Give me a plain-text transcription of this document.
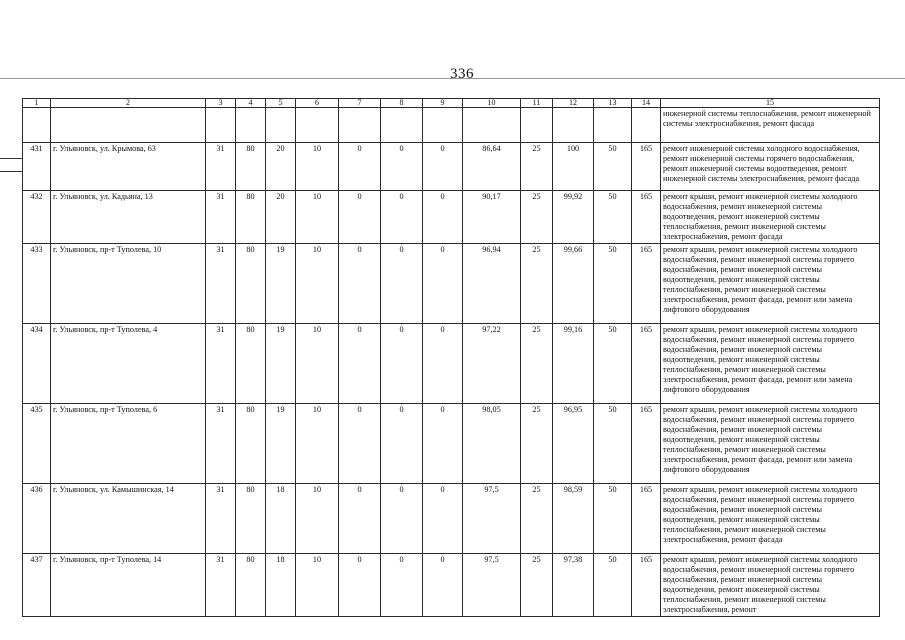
336
1	2	3	4	5	6	7	8	9	10	11	12	13	14	15
														инженерной системы теплоснабжения, ремонт инженерной системы электроснабжения, ремонт фасада
431	г. Ульяновск, ул. Крымова, 63	31	80	20	10	0	0	0	86,64	25	100	50	165	ремонт инженерной системы холодного водоснабжения, ремонт инженерной системы горячего водоснабжения, ремонт инженерной системы водоотведения, ремонт инженерной системы электроснабжения, ремонт фасада
432	г. Ульяновск, ул. Кадьяна, 13	31	80	20	10	0	0	0	90,17	25	99,92	50	165	ремонт крыши, ремонт инженерной системы холодного водоснабжения, ремонт инженерной системы водоотведения, ремонт инженерной системы теплоснабжения, ремонт инженерной системы электроснабжения, ремонт фасада
433	г. Ульяновск, пр-т Туполева, 10	31	80	19	10	0	0	0	96,94	25	99,66	50	165	ремонт крыши, ремонт инженерной системы холодного водоснабжения, ремонт инженерной системы горячего водоснабжения, ремонт инженерной системы водоотведения, ремонт инженерной системы теплоснабжения, ремонт инженерной системы электроснабжения, ремонт фасада, ремонт или замена лифтового оборудования
434	г. Ульяновск, пр-т Туполева, 4	31	80	19	10	0	0	0	97,22	25	99,16	50	165	ремонт крыши, ремонт инженерной системы холодного водоснабжения, ремонт инженерной системы горячего водоснабжения, ремонт инженерной системы водоотведения, ремонт инженерной системы теплоснабжения, ремонт инженерной системы электроснабжения, ремонт фасада, ремонт или замена лифтового оборудования
435	г. Ульяновск, пр-т Туполева, 6	31	80	19	10	0	0	0	98,05	25	96,95	50	165	ремонт крыши, ремонт инженерной системы холодного водоснабжения, ремонт инженерной системы горячего водоснабжения, ремонт инженерной системы водоотведения, ремонт инженерной системы теплоснабжения, ремонт инженерной системы электроснабжения, ремонт фасада, ремонт или замена лифтового оборудования
436	г. Ульяновск, ул. Камышинская, 14	31	80	18	10	0	0	0	97,5	25	98,59	50	165	ремонт крыши, ремонт инженерной системы холодного водоснабжения, ремонт инженерной системы горячего водоснабжения, ремонт инженерной системы водоотведения, ремонт инженерной системы теплоснабжения, ремонт инженерной системы электроснабжения, ремонт фасада
437	г. Ульяновск, пр-т Туполева, 14	31	80	18	10	0	0	0	97,5	25	97,38	50	165	ремонт крыши, ремонт инженерной системы холодного водоснабжения, ремонт инженерной системы горячего водоснабжения, ремонт инженерной системы водоотведения, ремонт инженерной системы теплоснабжения, ремонт инженерной системы электроснабжения, ремонт
